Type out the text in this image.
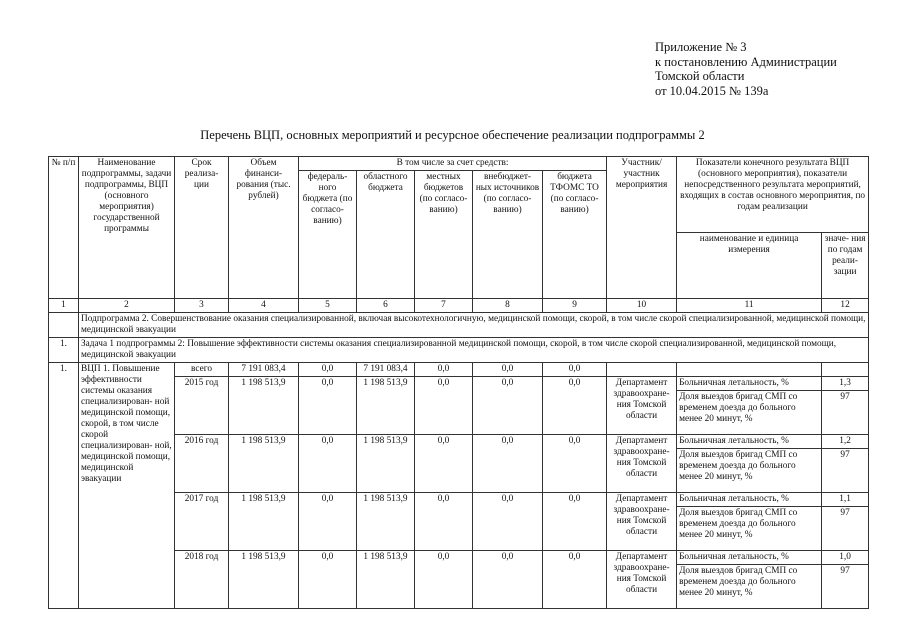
Приложение № 3
к постановлению Администрации
Томской области
от 10.04.2015 № 139а
Перечень ВЦП, основных мероприятий и ресурсное обеспечение реализации подпрограммы 2
№ п/п	Наименование подпрограммы, задачи подпрограммы, ВЦП (основного мероприятия) государственной программы	Срок реализа- ции	Объем финанси- рования (тыс. рублей)	В том числе за счет средств:					Участник/ участник мероприятия	Показатели конечного результата ВЦП (основного мероприятия), показатели непосредственного результата мероприятий, входящих в состав основного мероприятия, по годам реализации	
				федераль- ного бюджета (по согласо- ванию)	областного бюджета	местных бюджетов (по согласо- ванию)	внебюджет- ных источников (по согласо- ванию)	бюджета ТФОМС ТО (по согласо- ванию)			
										наименование и единица измерения	значе- ния по годам реали- зации
1	2	3	4	5	6	7	8	9	10	11	12

	Подпрограмма 2. Совершенствование оказания специализированной, включая высокотехнологичную, медицинской помощи, скорой, в том числе скорой специализированной, медицинской помощи, медицинской эвакуации										

1.	Задача 1 подпрограммы 2: Повышение эффективности системы оказания специализированной медицинской помощи, скорой, в том числе скорой специализированной, медицинской помощи, медицинской эвакуации										

1.	ВЦП 1. Повышение эффективности системы оказания специализирован- ной медицинской помощи, скорой, в том числе скорой специализирован- ной, медицинской помощи, медицинской эвакуации	всего	7 191 083,4	0,0	7 191 083,4	0,0	0,0	0,0			
		2015 год	1 198 513,9	0,0	1 198 513,9	0,0	0,0	0,0	Департамент здравоохране- ния Томской области	Больничная летальность, %	1,3
										Доля выездов бригад СМП со временем доезда до больного менее 20 минут, %	97
		2016 год	1 198 513,9	0,0	1 198 513,9	0,0	0,0	0,0	Департамент здравоохране- ния Томской области	Больничная летальность, %	1,2
										Доля выездов бригад СМП со временем доезда до больного менее 20 минут, %	97
		2017 год	1 198 513,9	0,0	1 198 513,9	0,0	0,0	0,0	Департамент здравоохране- ния Томской области	Больничная летальность, %	1,1
										Доля выездов бригад СМП со временем доезда до больного менее 20 минут, %	97
		2018 год	1 198 513,9	0,0	1 198 513,9	0,0	0,0	0,0	Департамент здравоохране- ния Томской области	Больничная летальность, %	1,0
										Доля выездов бригад СМП со временем доезда до больного менее 20 минут, %	97
